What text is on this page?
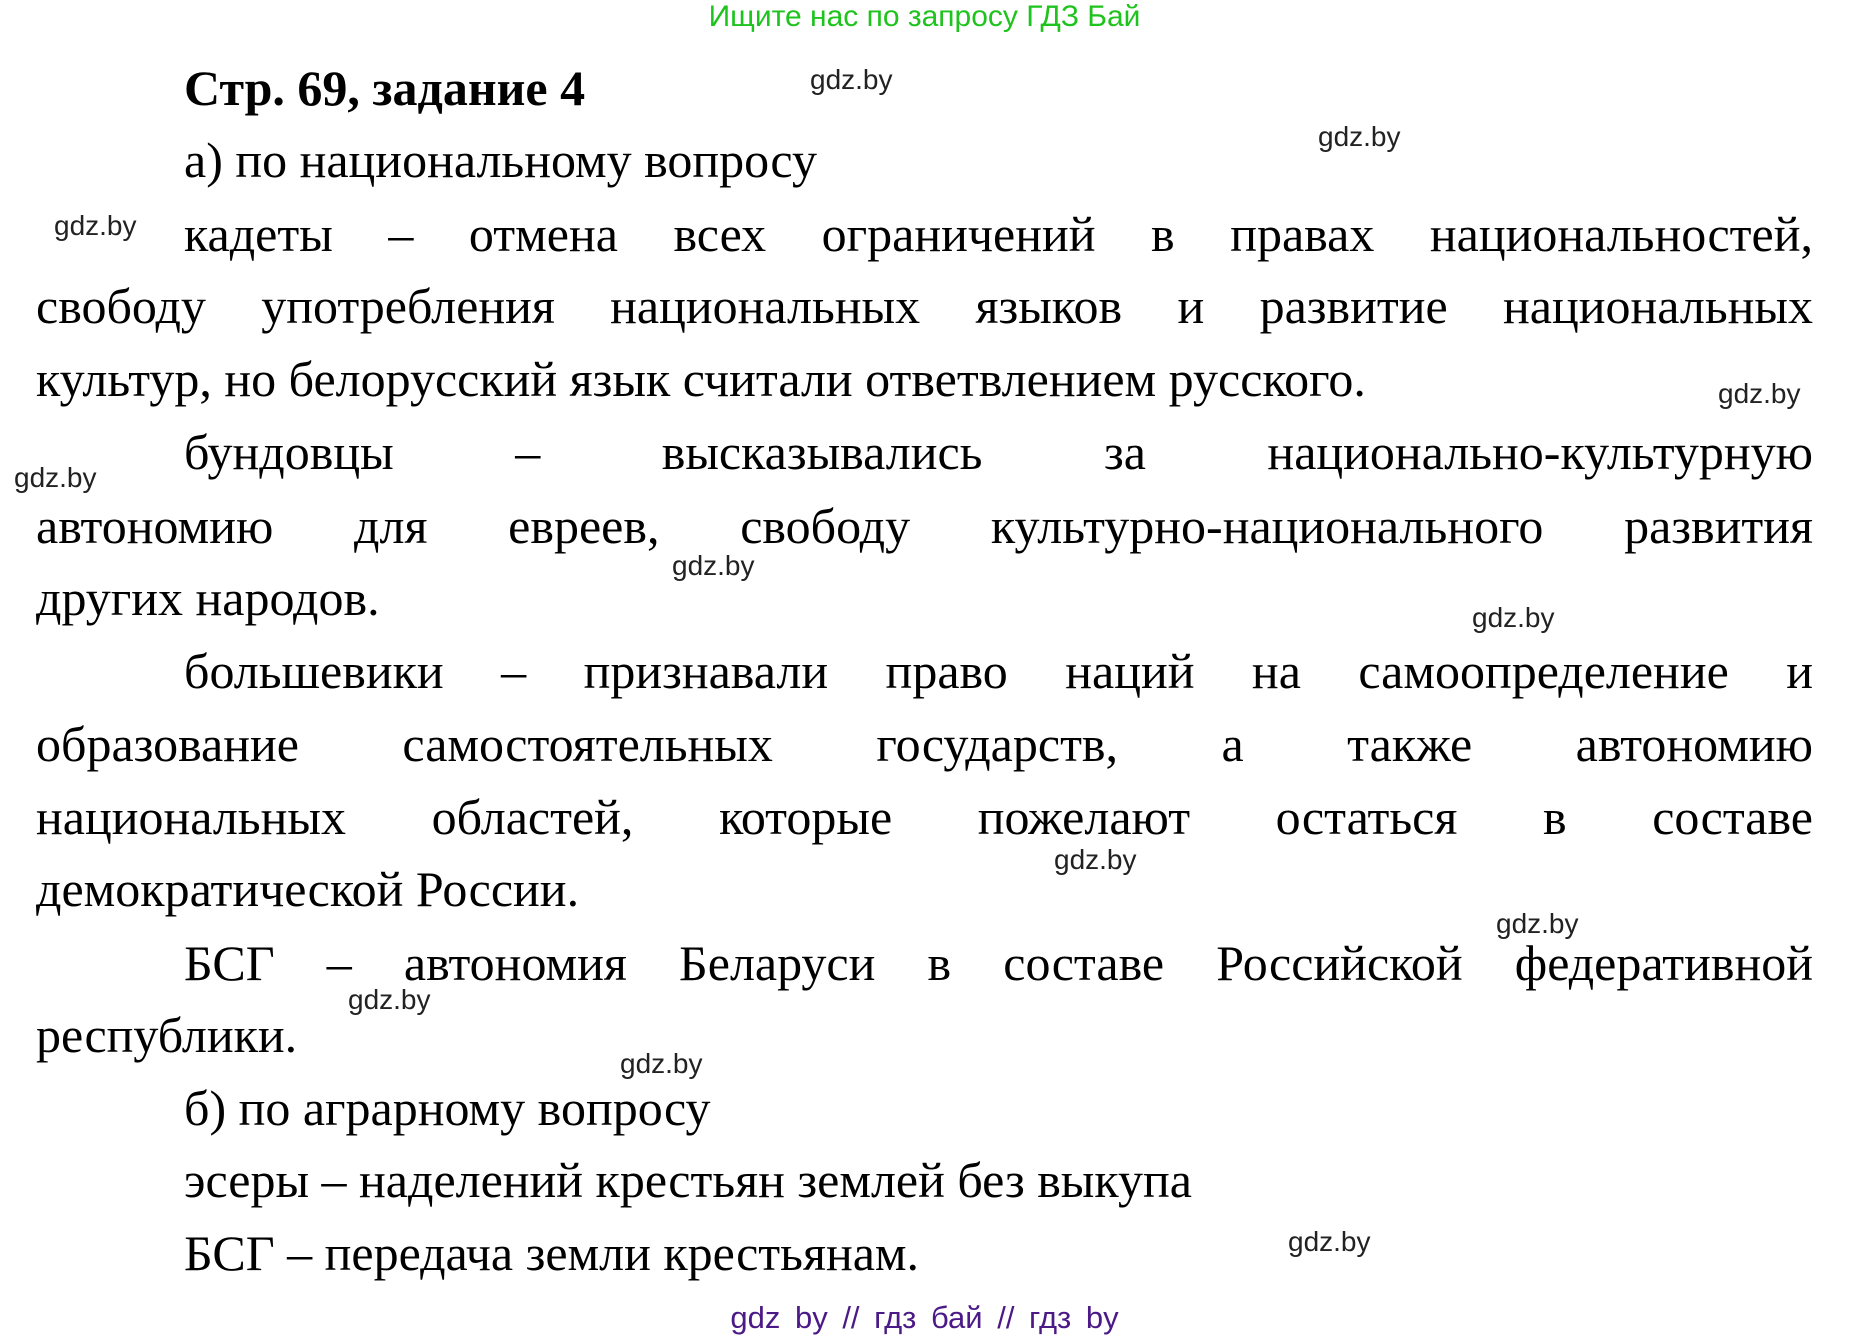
Ищите нас по запросу ГДЗ Бай
Стр. 69, задание 4
а) по национальному вопросу
кадеты – отмена всех ограничений в правах национальностей,
свободу употребления национальных языков и развитие национальных
культур, но белорусский язык считали ответвлением русского.
бундовцы – высказывались за национально-культурную
автономию для евреев, свободу культурно-национального развития
других народов.
большевики – признавали право наций на самоопределение и
образование самостоятельных государств, а также автономию
национальных областей, которые пожелают остаться в составе
демократической России.
БСГ – автономия Беларуси в составе Российской федеративной
республики.
б) по аграрному вопросу
эсеры – наделений крестьян землей без выкупа
БСГ – передача земли крестьянам.
gdz.by
gdz.by
gdz.by
gdz.by
gdz.by
gdz.by
gdz.by
gdz.by
gdz.by
gdz.by
gdz.by
gdz.by
gdz by // гдз бай // гдз by
